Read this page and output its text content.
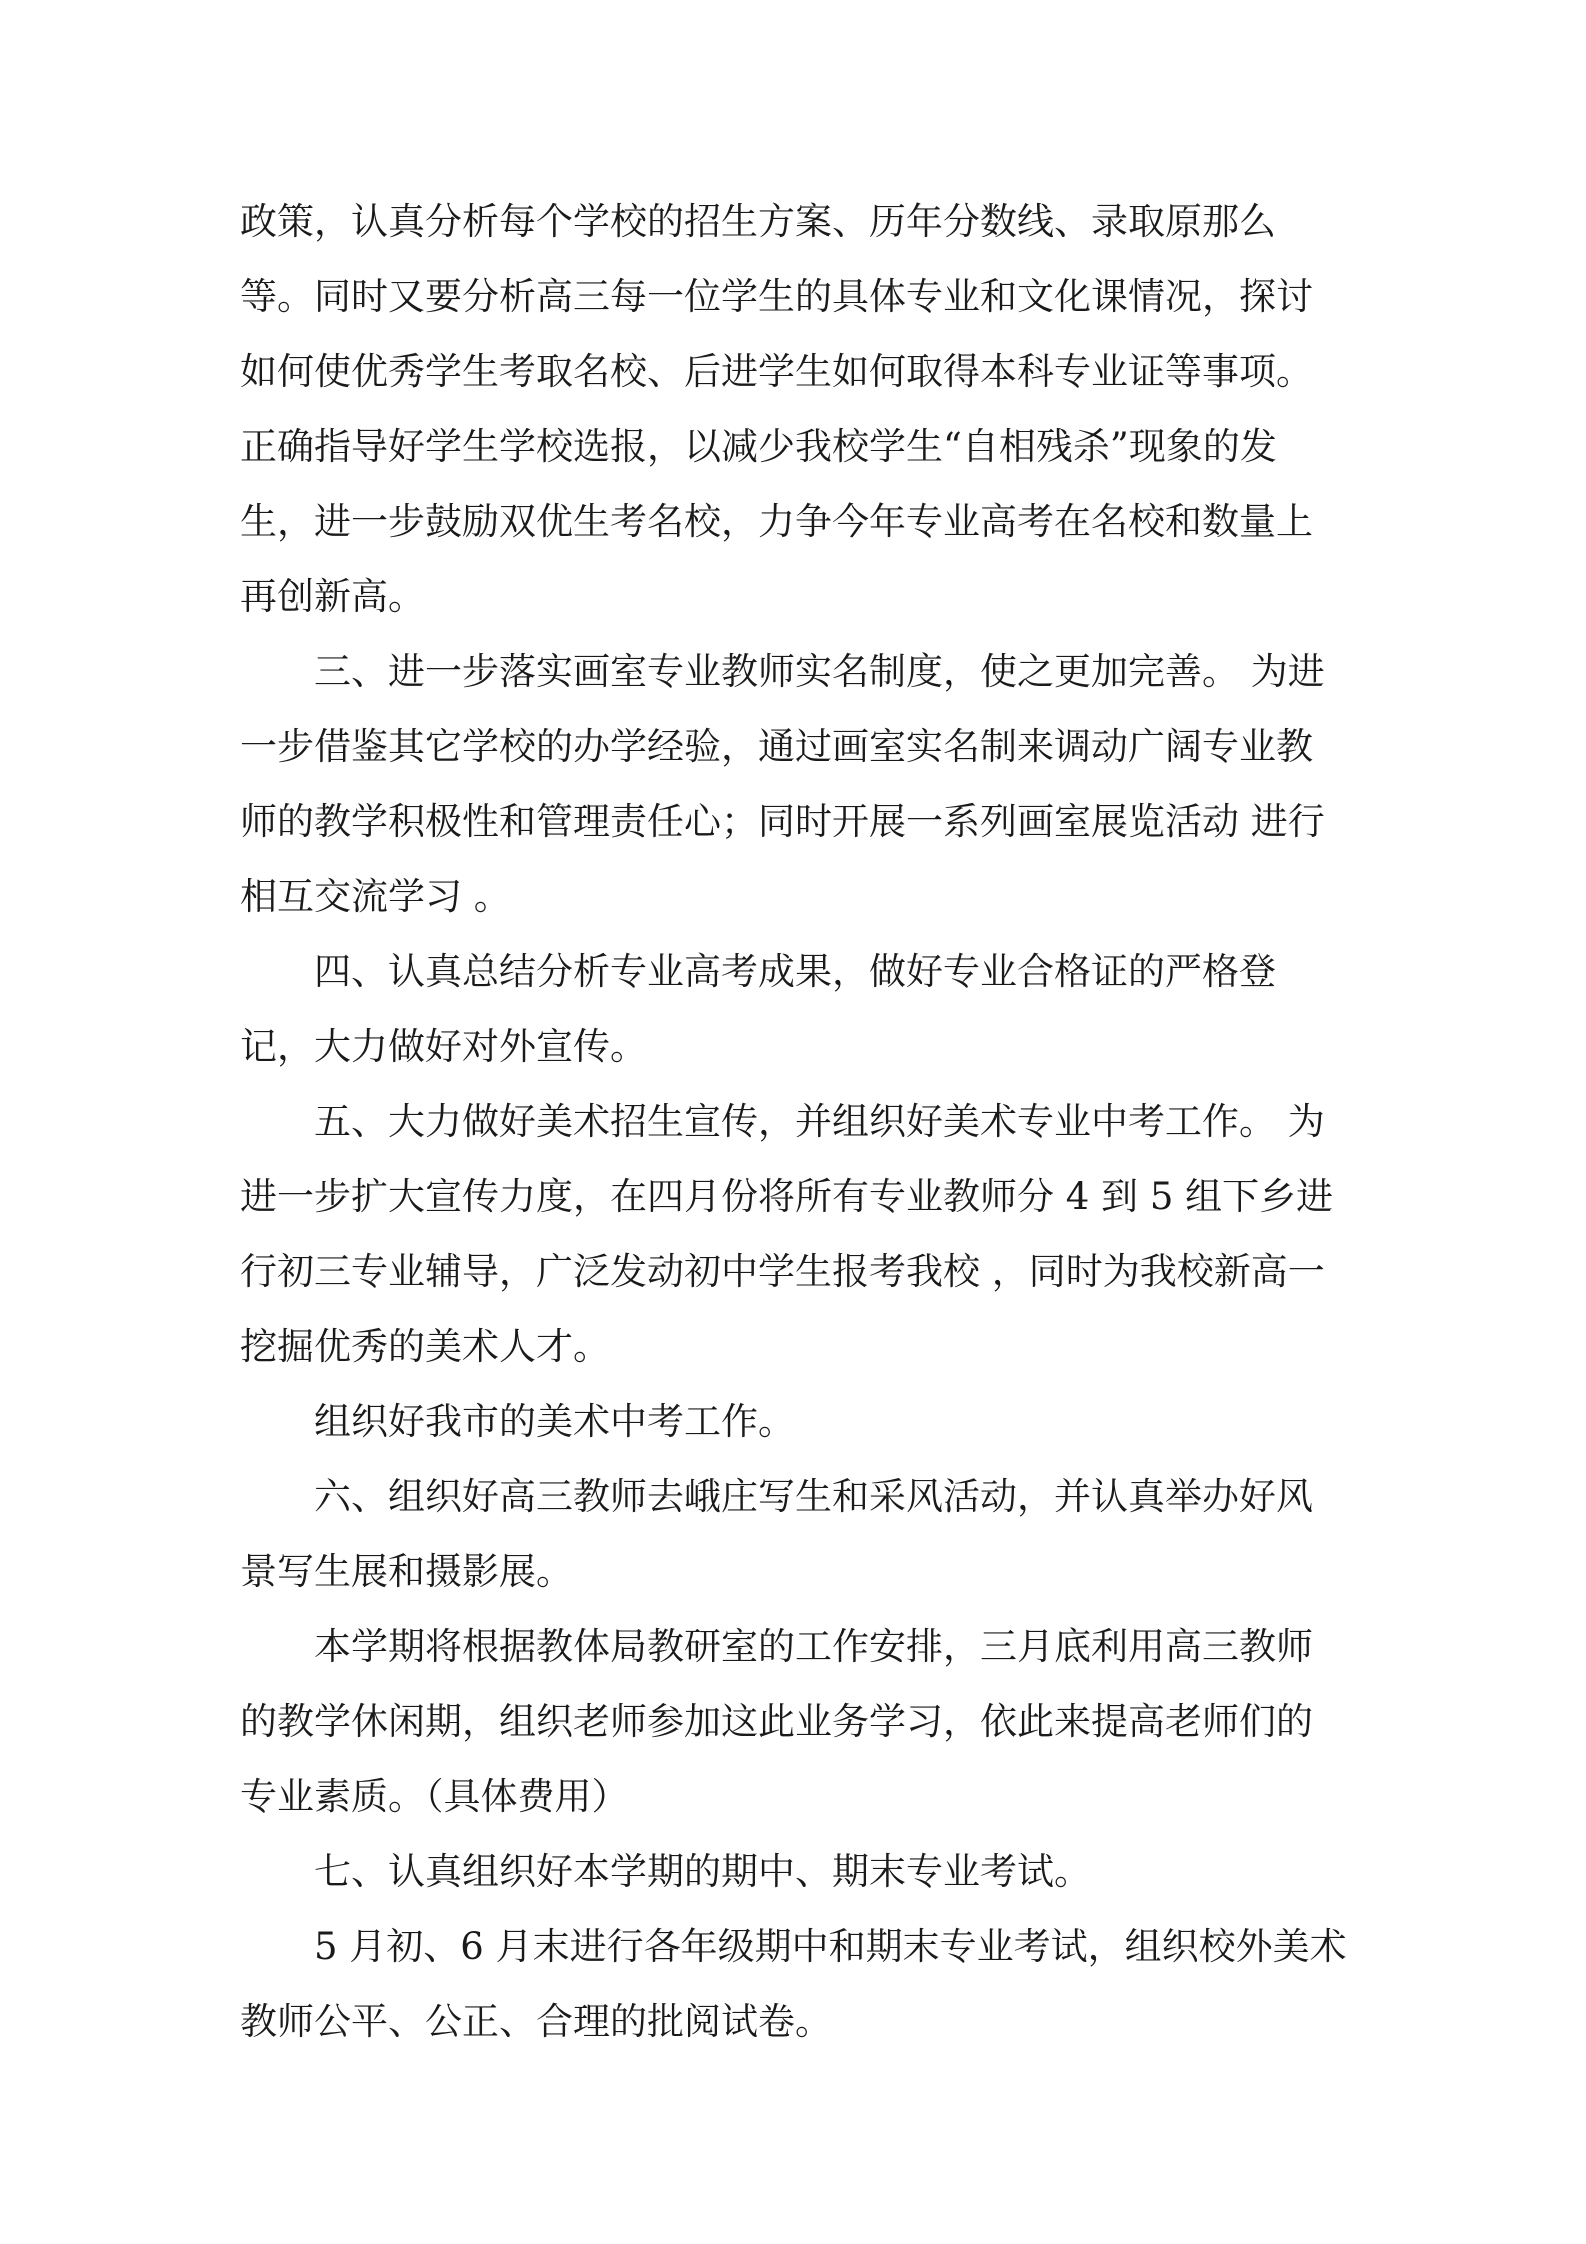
政策，认真分析每个学校的招生方案、历年分数线、录取原那么
等。同时又要分析高三每一位学生的具体专业和文化课情况，探讨
如何使优秀学生考取名校、后进学生如何取得本科专业证等事项。
正确指导好学生学校选报，以减少我校学生“自相残杀”现象的发
生，进一步鼓励双优生考名校，力争今年专业高考在名校和数量上
再创新高。

三、进一步落实画室专业教师实名制度，使之更加完善。 为进
一步借鉴其它学校的办学经验，通过画室实名制来调动广阔专业教
师的教学积极性和管理责任心；同时开展一系列画室展览活动 进行
相互交流学习 。

四、认真总结分析专业高考成果，做好专业合格证的严格登
记，大力做好对外宣传。

五、大力做好美术招生宣传，并组织好美术专业中考工作。 为
进一步扩大宣传力度，在四月份将所有专业教师分 4 到 5 组下乡进
行初三专业辅导，广泛发动初中学生报考我校 ，同时为我校新高一
挖掘优秀的美术人才。

组织好我市的美术中考工作。

六、组织好高三教师去峨庄写生和采风活动，并认真举办好风
景写生展和摄影展。

本学期将根据教体局教研室的工作安排，三月底利用高三教师
的教学休闲期，组织老师参加这此业务学习，依此来提高老师们的
专业素质。（具体费用）

七、认真组织好本学期的期中、期末专业考试。

5 月初、6 月末进行各年级期中和期末专业考试，组织校外美术
教师公平、公正、合理的批阅试卷。
